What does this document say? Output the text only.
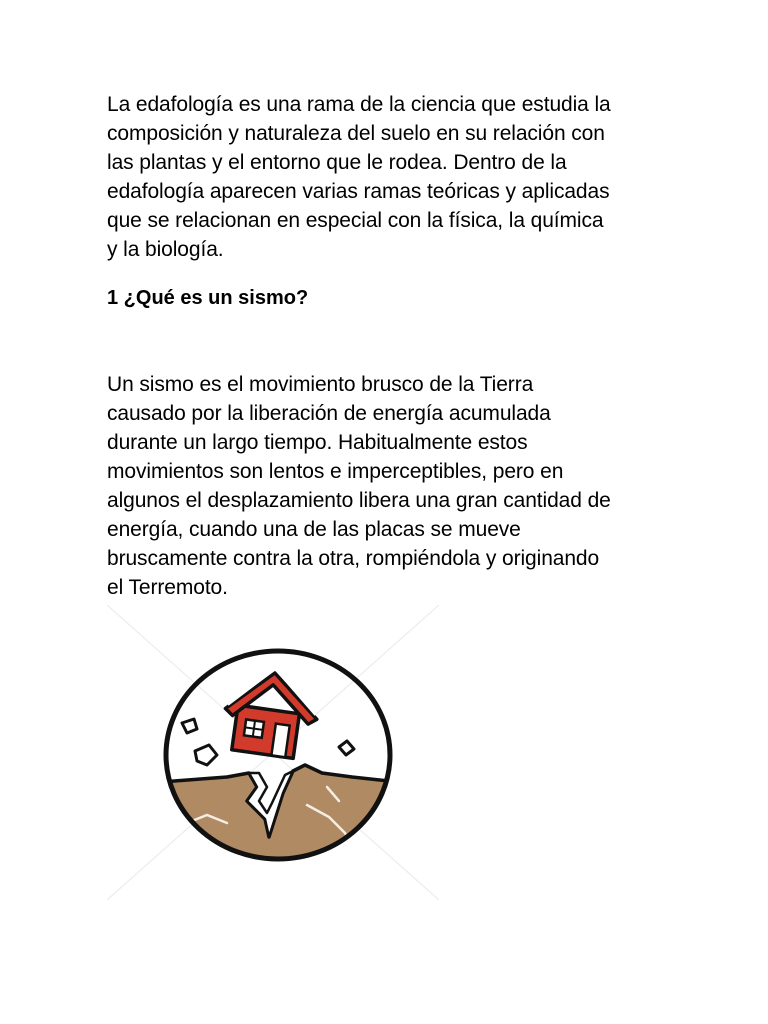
La edafología es una rama de la ciencia que estudia la
composición y naturaleza del suelo en su relación con
las plantas y el entorno que le rodea. Dentro de la
edafología aparecen varias ramas teóricas y aplicadas
que se relacionan en especial con la física, la química
y la biología.

1 ¿Qué es un sismo?

Un sismo es el movimiento brusco de la Tierra
causado por la liberación de energía acumulada
durante un largo tiempo. Habitualmente estos
movimientos son lentos e imperceptibles, pero en
algunos el desplazamiento libera una gran cantidad de
energía, cuando una de las placas se mueve
bruscamente contra la otra, rompiéndola y originando
el Terremoto.
